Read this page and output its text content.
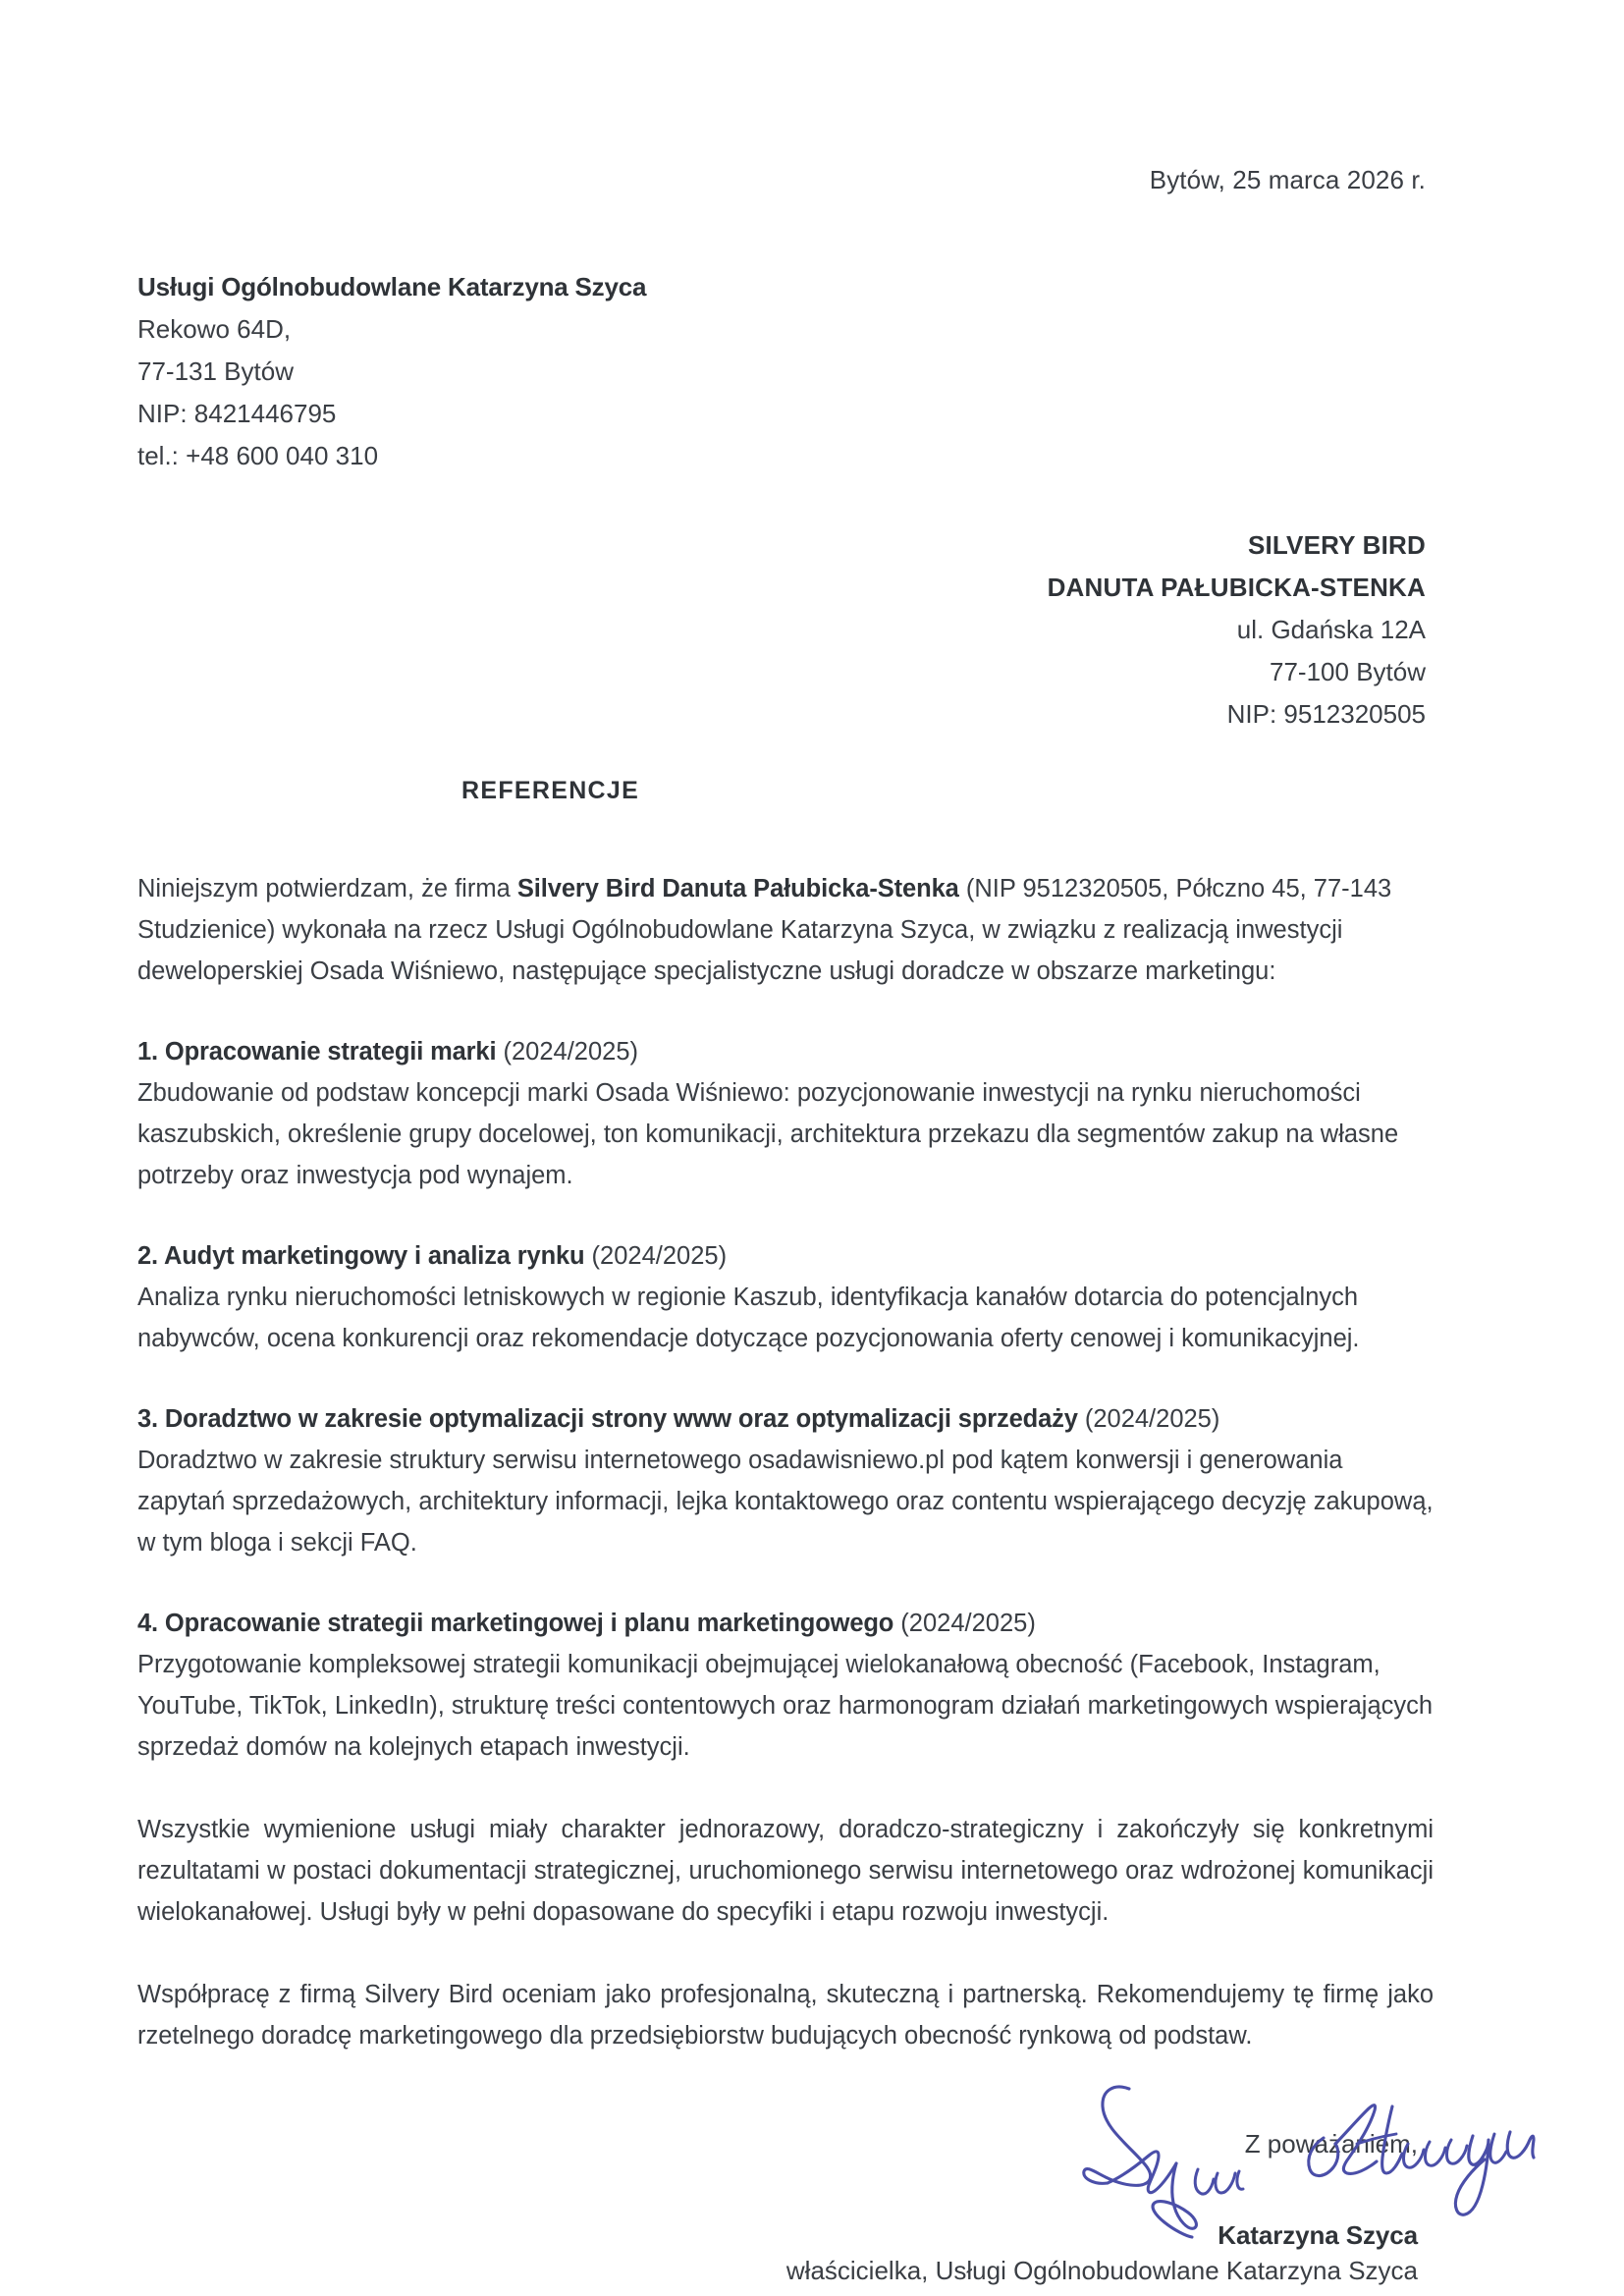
Bytów, 25 marca 2026 r.
Usługi Ogólnobudowlane Katarzyna Szyca
Rekowo 64D,
77-131 Bytów
NIP: 8421446795
tel.: +48 600 040 310
SILVERY BIRD
DANUTA PAŁUBICKA-STENKA
ul. Gdańska 12A
77-100 Bytów
NIP: 9512320505
REFERENCJE
Niniejszym potwierdzam, że firma Silvery Bird Danuta Pałubicka-Stenka (NIP 9512320505, Półczno 45, 77-143 Studzienice) wykonała na rzecz Usługi Ogólnobudowlane Katarzyna Szyca, w związku z realizacją inwestycji deweloperskiej Osada Wiśniewo, następujące specjalistyczne usługi doradcze w obszarze marketingu:
1. Opracowanie strategii marki (2024/2025)
Zbudowanie od podstaw koncepcji marki Osada Wiśniewo: pozycjonowanie inwestycji na rynku nieruchomości kaszubskich, określenie grupy docelowej, ton komunikacji, architektura przekazu dla segmentów zakup na własne potrzeby oraz inwestycja pod wynajem.
2. Audyt marketingowy i analiza rynku (2024/2025)
Analiza rynku nieruchomości letniskowych w regionie Kaszub, identyfikacja kanałów dotarcia do potencjalnych nabywców, ocena konkurencji oraz rekomendacje dotyczące pozycjonowania oferty cenowej i komunikacyjnej.
3. Doradztwo w zakresie optymalizacji strony www oraz optymalizacji sprzedaży (2024/2025)
Doradztwo w zakresie struktury serwisu internetowego osadawisniewo.pl pod kątem konwersji i generowania zapytań sprzedażowych, architektury informacji, lejka kontaktowego oraz contentu wspierającego decyzję zakupową, w tym bloga i sekcji FAQ.
4. Opracowanie strategii marketingowej i planu marketingowego (2024/2025)
Przygotowanie kompleksowej strategii komunikacji obejmującej wielokanałową obecność (Facebook, Instagram, YouTube, TikTok, LinkedIn), strukturę treści contentowych oraz harmonogram działań marketingowych wspierających sprzedaż domów na kolejnych etapach inwestycji.
Wszystkie wymienione usługi miały charakter jednorazowy, doradczo-strategiczny i zakończyły się konkretnymi rezultatami w postaci dokumentacji strategicznej, uruchomionego serwisu internetowego oraz wdrożonej komunikacji wielokanałowej. Usługi były w pełni dopasowane do specyfiki i etapu rozwoju inwestycji.
Współpracę z firmą Silvery Bird oceniam jako profesjonalną, skuteczną i partnerską. Rekomendujemy tę firmę jako rzetelnego doradcę marketingowego dla przedsiębiorstw budujących obecność rynkową od podstaw.
Z poważaniem,
Katarzyna Szyca
właścicielka, Usługi Ogólnobudowlane Katarzyna Szyca
